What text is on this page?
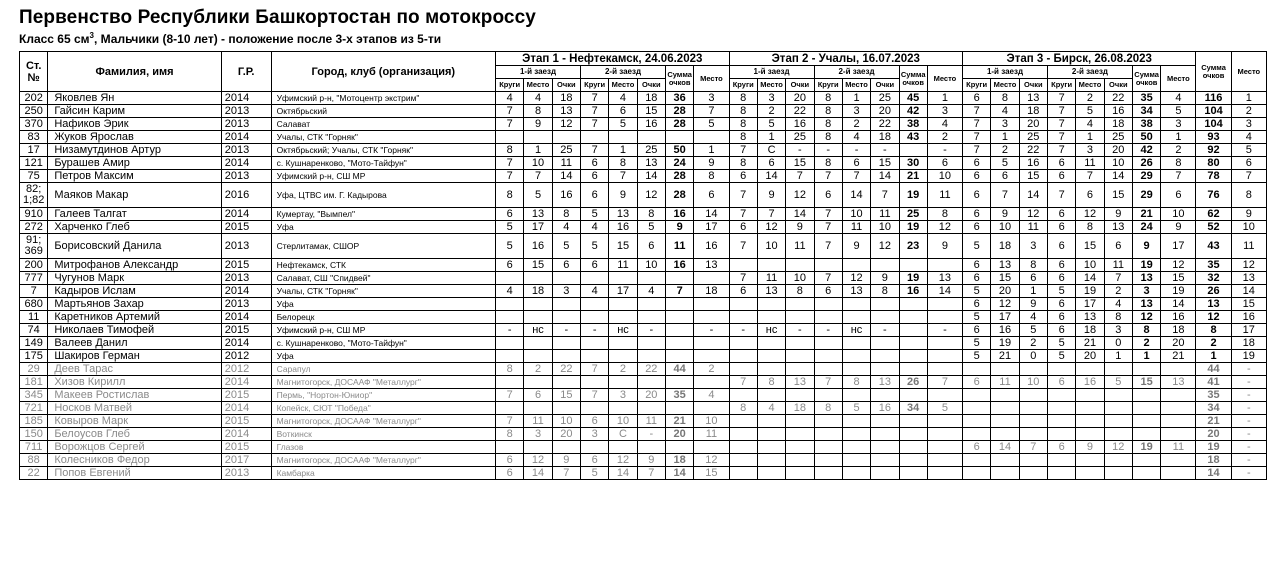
Первенство Республики Башкортостан по мотокроссу
Класс 65 $см^3$, Мальчики (8-10 лет) - положение после 3-х этапов из 5-ти
Ст. №	Фамилия, имя	Г.Р.	Город, клуб (организация)	Этап 1 - Нефтекамск, 24.06.2023								Этап 2 - Учалы, 16.07.2023								Этап 3 - Бирск, 26.08.2023								Сумма очков	Место
				1-й заезд			2-й заезд			Сумма очков	Место	1-й заезд			2-й заезд			Сумма очков	Место	1-й заезд			2-й заезд			Сумма очков	Место		
				Круги	Место	Очки	Круги	Место	Очки			Круги	Место	Очки	Круги	Место	Очки			Круги	Место	Очки	Круги	Место	Очки				
202	Яковлев Ян	2014	Уфимский р-н, "Мотоцентр экстрим"	4	4	18	7	4	18	36	3	8	3	20	8	1	25	45	1	6	8	13	7	2	22	35	4	116	1
250	Гайсин Карим	2013	Октябрьский	7	8	13	7	6	15	28	7	8	2	22	8	3	20	42	3	7	4	18	7	5	16	34	5	104	2
370	Нафиков Эрик	2013	Салават	7	9	12	7	5	16	28	5	8	5	16	8	2	22	38	4	7	3	20	7	4	18	38	3	104	3
83	Жуков Ярослав	2014	Учалы, СТК "Горняк"									8	1	25	8	4	18	43	2	7	1	25	7	1	25	50	1	93	4
17	Низамутдинов Артур	2013	Октябрьский; Учалы, СТК "Горняк"	8	1	25	7	1	25	50	1	7	С	-	-	-	-		-	7	2	22	7	3	20	42	2	92	5
121	Бурашев Амир	2014	с. Кушнаренково, "Мото-Тайфун"	7	10	11	6	8	13	24	9	8	6	15	8	6	15	30	6	6	5	16	6	11	10	26	8	80	6
75	Петров Максим	2013	Уфимский р-н, СШ МР	7	7	14	6	7	14	28	8	6	14	7	7	7	14	21	10	6	6	15	6	7	14	29	7	78	7
82;
1;82	Маяков Макар	2016	Уфа, ЦТВС им. Г. Кадырова	8	5	16	6	9	12	28	6	7	9	12	6	14	7	19	11	6	7	14	7	6	15	29	6	76	8
910	Галеев Талгат	2014	Кумертау, "Вымпел"	6	13	8	5	13	8	16	14	7	7	14	7	10	11	25	8	6	9	12	6	12	9	21	10	62	9
272	Харченко Глеб	2015	Уфа	5	17	4	4	16	5	9	17	6	12	9	7	11	10	19	12	6	10	11	6	8	13	24	9	52	10
91;
369	Борисовский Данила	2013	Стерлитамак, СШОР	5	16	5	5	15	6	11	16	7	10	11	7	9	12	23	9	5	18	3	6	15	6	9	17	43	11
200	Митрофанов Александр	2015	Нефтекамск, СТК	6	15	6	6	11	10	16	13									6	13	8	6	10	11	19	12	35	12
777	Чугунов Марк	2013	Салават, СШ "Спидвей"									7	11	10	7	12	9	19	13	6	15	6	6	14	7	13	15	32	13
7	Кадыров Ислам	2014	Учалы, СТК "Горняк"	4	18	3	4	17	4	7	18	6	13	8	6	13	8	16	14	5	20	1	5	19	2	3	19	26	14
680	Мартьянов Захар	2013	Уфа																	6	12	9	6	17	4	13	14	13	15
11	Каретников Артемий	2014	Белорецк																	5	17	4	6	13	8	12	16	12	16
74	Николаев Тимофей	2015	Уфимский р-н, СШ МР	-	нс	-	-	нс	-		-	-	нс	-	-	нс	-		-	6	16	5	6	18	3	8	18	8	17
149	Валеев Данил	2014	с. Кушнаренково, "Мото-Тайфун"																	5	19	2	5	21	0	2	20	2	18
175	Шакиров Герман	2012	Уфа																	5	21	0	5	20	1	1	21	1	19
29	Деев Тарас	2012	Сарапул	8	2	22	7	2	22	44	2																	44	-
181	Хизов Кирилл	2014	Магнитогорск, ДОСААФ "Металлург"									7	8	13	7	8	13	26	7	6	11	10	6	16	5	15	13	41	-
345	Макеев Ростислав	2015	Пермь, "Нортон-Юниор"	7	6	15	7	3	20	35	4																	35	-
721	Носков Матвей	2014	Копейск, СЮТ "Победа"									8	4	18	8	5	16	34	5									34	-
185	Ковыров Марк	2015	Магнитогорск, ДОСААФ "Металлург"	7	11	10	6	10	11	21	10																	21	-
150	Белоусов Глеб	2014	Воткинск	8	3	20	3	С	-	20	11																	20	-
711	Ворожцов Сергей	2015	Глазов																	6	14	7	6	9	12	19	11	19	-
88	Колесников Федор	2017	Магнитогорск, ДОСААФ "Металлург"	6	12	9	6	12	9	18	12																	18	-
22	Попов Евгений	2013	Камбарка	6	14	7	5	14	7	14	15																	14	-
